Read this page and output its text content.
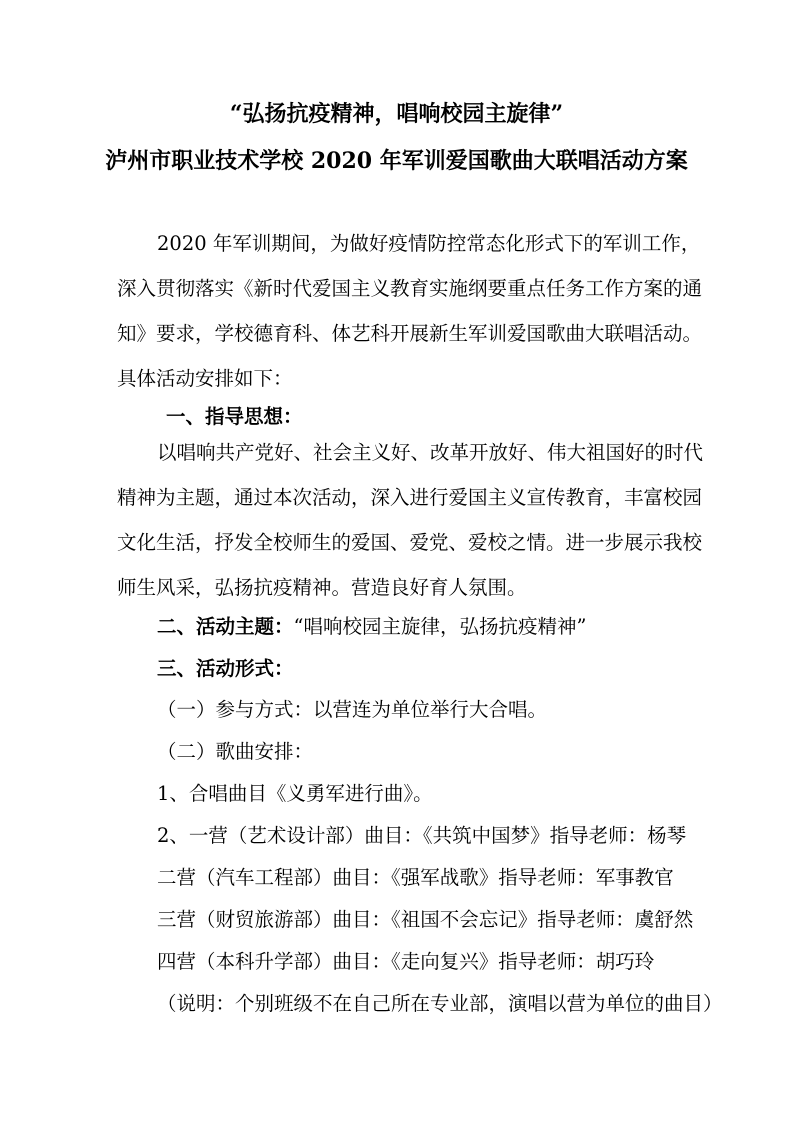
“弘扬抗疫精神，唱响校园主旋律”
泸州市职业技术学校 2020 年军训爱国歌曲大联唱活动方案
2020 年军训期间，为做好疫情防控常态化形式下的军训工作，
深入贯彻落实《新时代爱国主义教育实施纲要重点任务工作方案的通
知》要求，学校德育科、体艺科开展新生军训爱国歌曲大联唱活动。
具体活动安排如下：
一、指导思想：
以唱响共产党好、社会主义好、改革开放好、伟大祖国好的时代
精神为主题，通过本次活动，深入进行爱国主义宣传教育，丰富校园
文化生活，抒发全校师生的爱国、爱党、爱校之情。进一步展示我校
师生风采，弘扬抗疫精神。营造良好育人氛围。
二、活动主题：“唱响校园主旋律，弘扬抗疫精神”
三、活动形式：
（一）参与方式：以营连为单位举行大合唱。
（二）歌曲安排：
1、合唱曲目《义勇军进行曲》。
2、一营（艺术设计部）曲目：《共筑中国梦》指导老师：杨琴
二营（汽车工程部）曲目：《强军战歌》指导老师：军事教官
三营（财贸旅游部）曲目：《祖国不会忘记》指导老师：虞舒然
四营（本科升学部）曲目：《走向复兴》指导老师：胡巧玲
（说明：个别班级不在自己所在专业部，演唱以营为单位的曲目）
